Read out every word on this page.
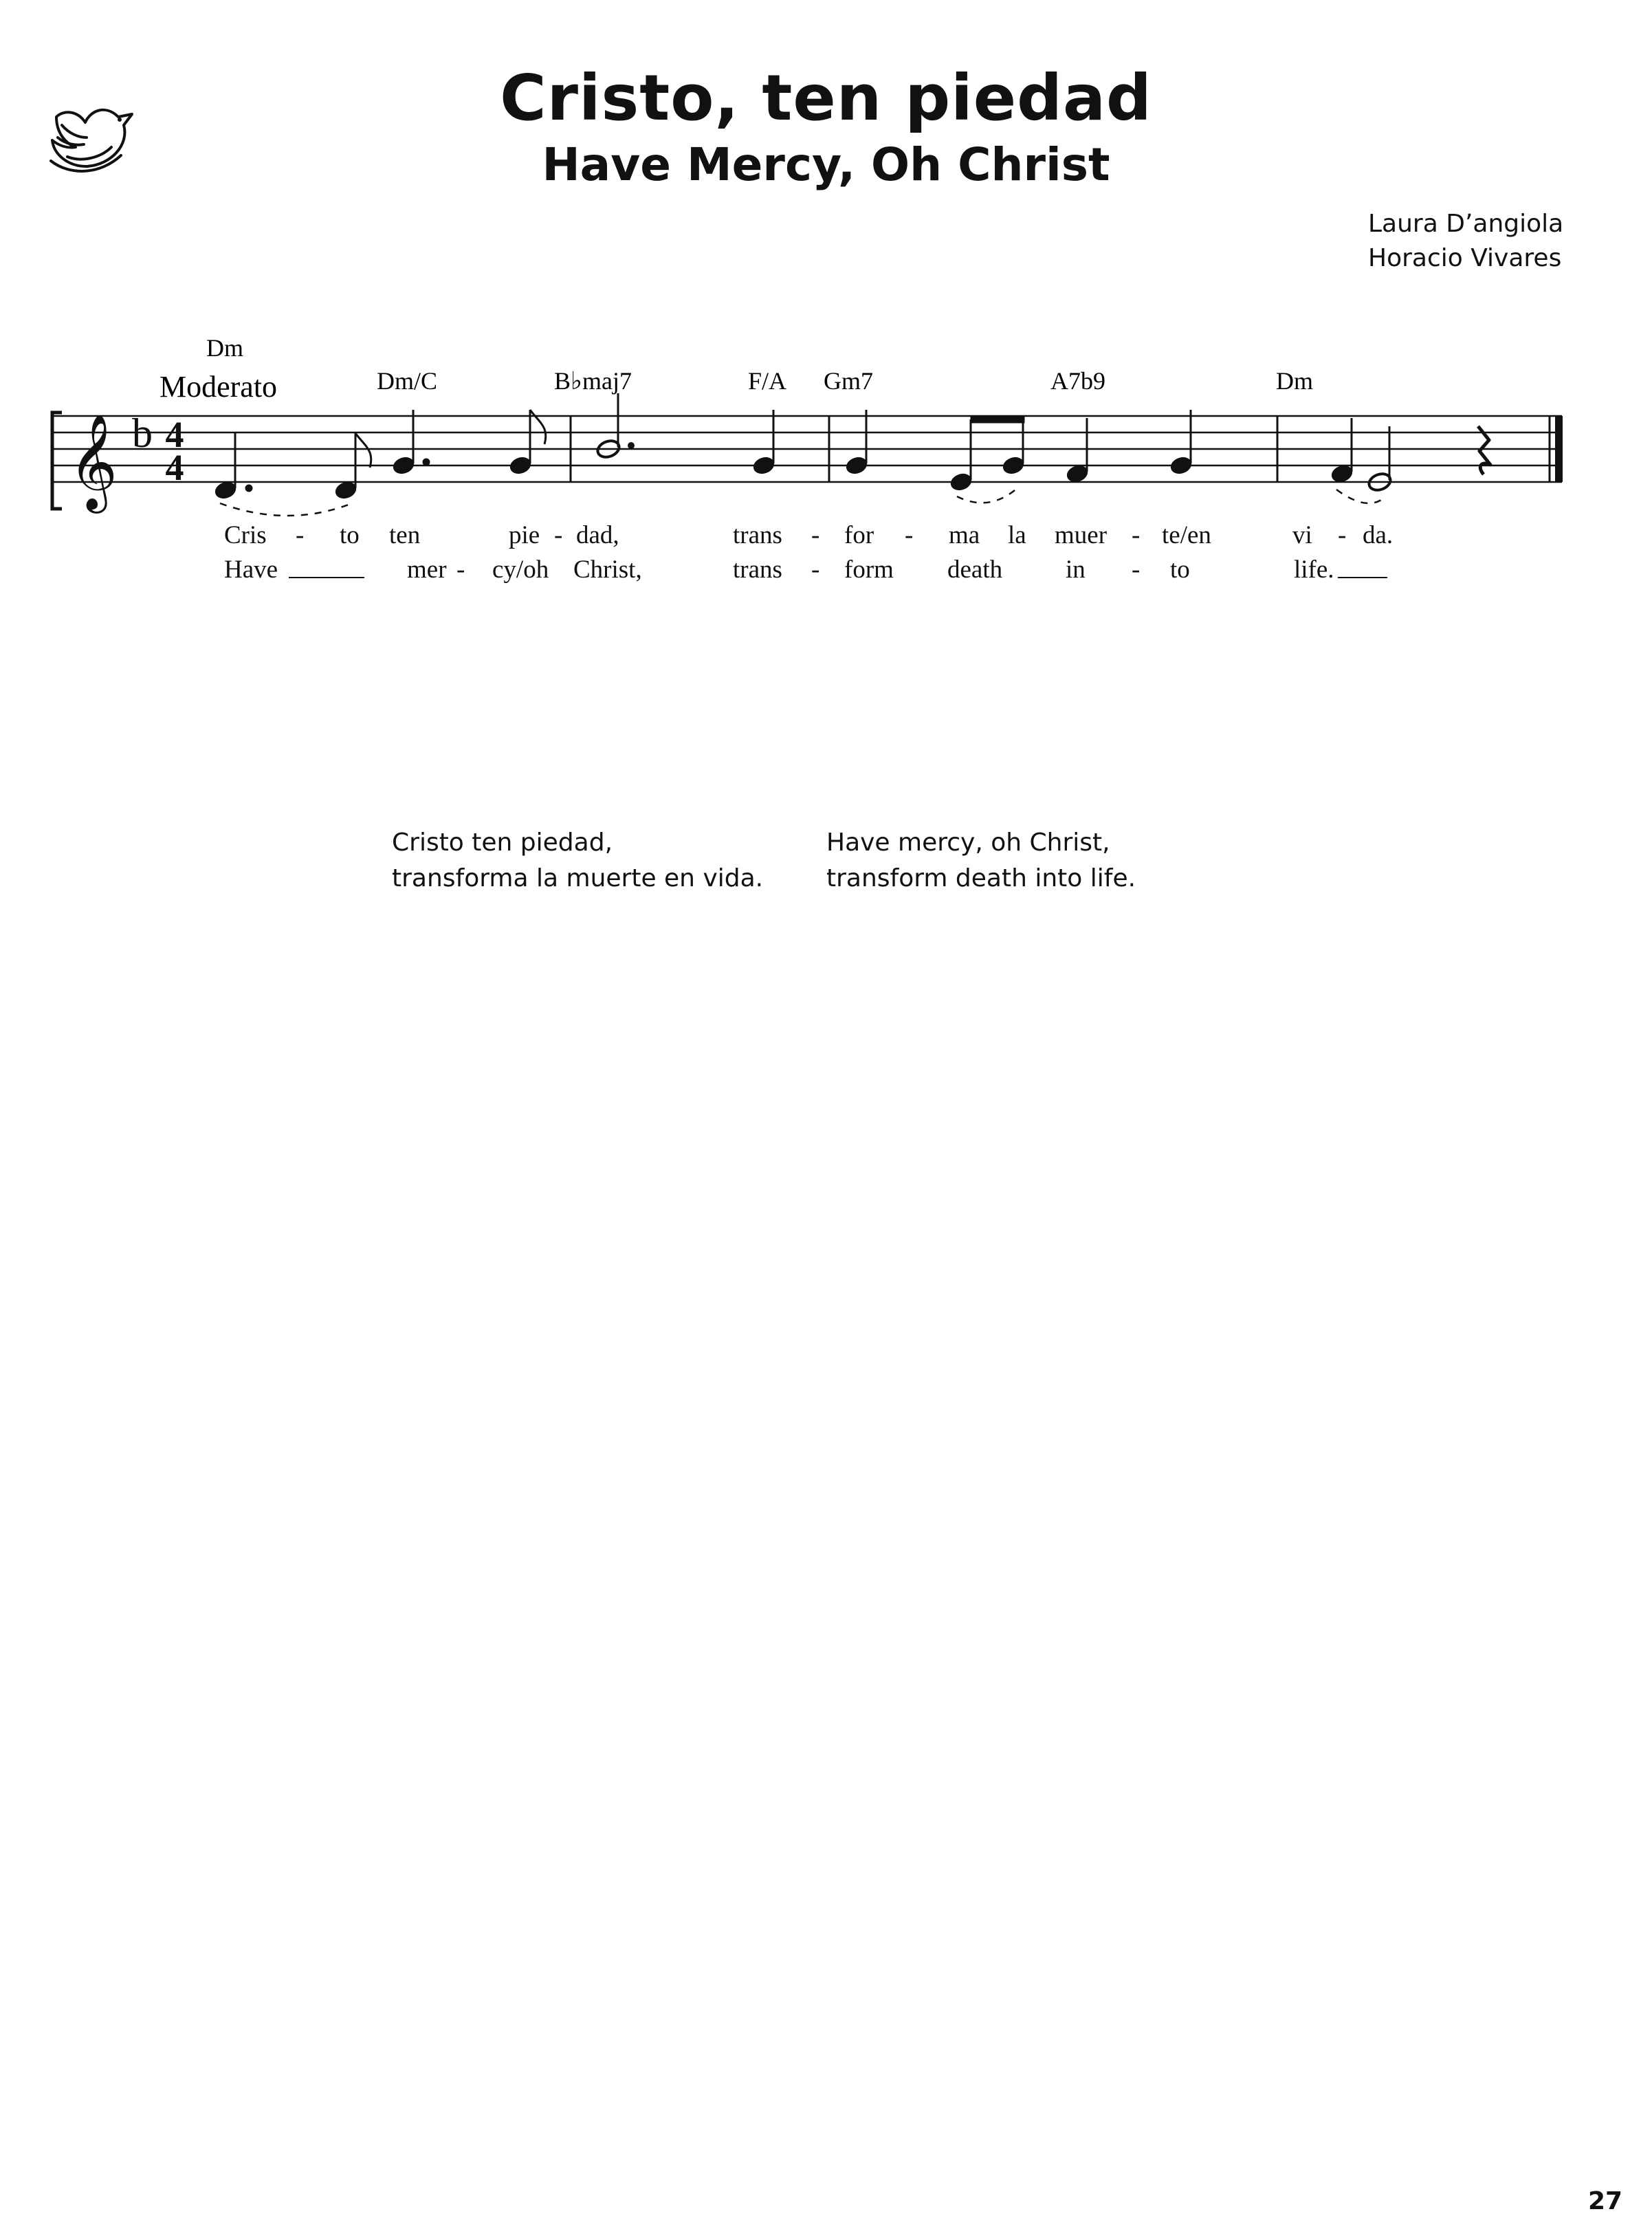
Cristo, ten piedad
Have Mercy, Oh Christ
Laura D’angiola
Horacio Vivares
𝄞 b 4
4
Dm
Moderato	Dm/C	B♭maj7	F/A Gm7	A7b9	Dm
Cris - to ten	pie - dad,	trans - for - ma la muer - te/en	vi - da.
Have	mer - cy/oh Christ,	trans - form death in - to	life.
Cristo ten piedad,
transforma la muerte en vida.
Have mercy, oh Christ,
transform death into life.
27
